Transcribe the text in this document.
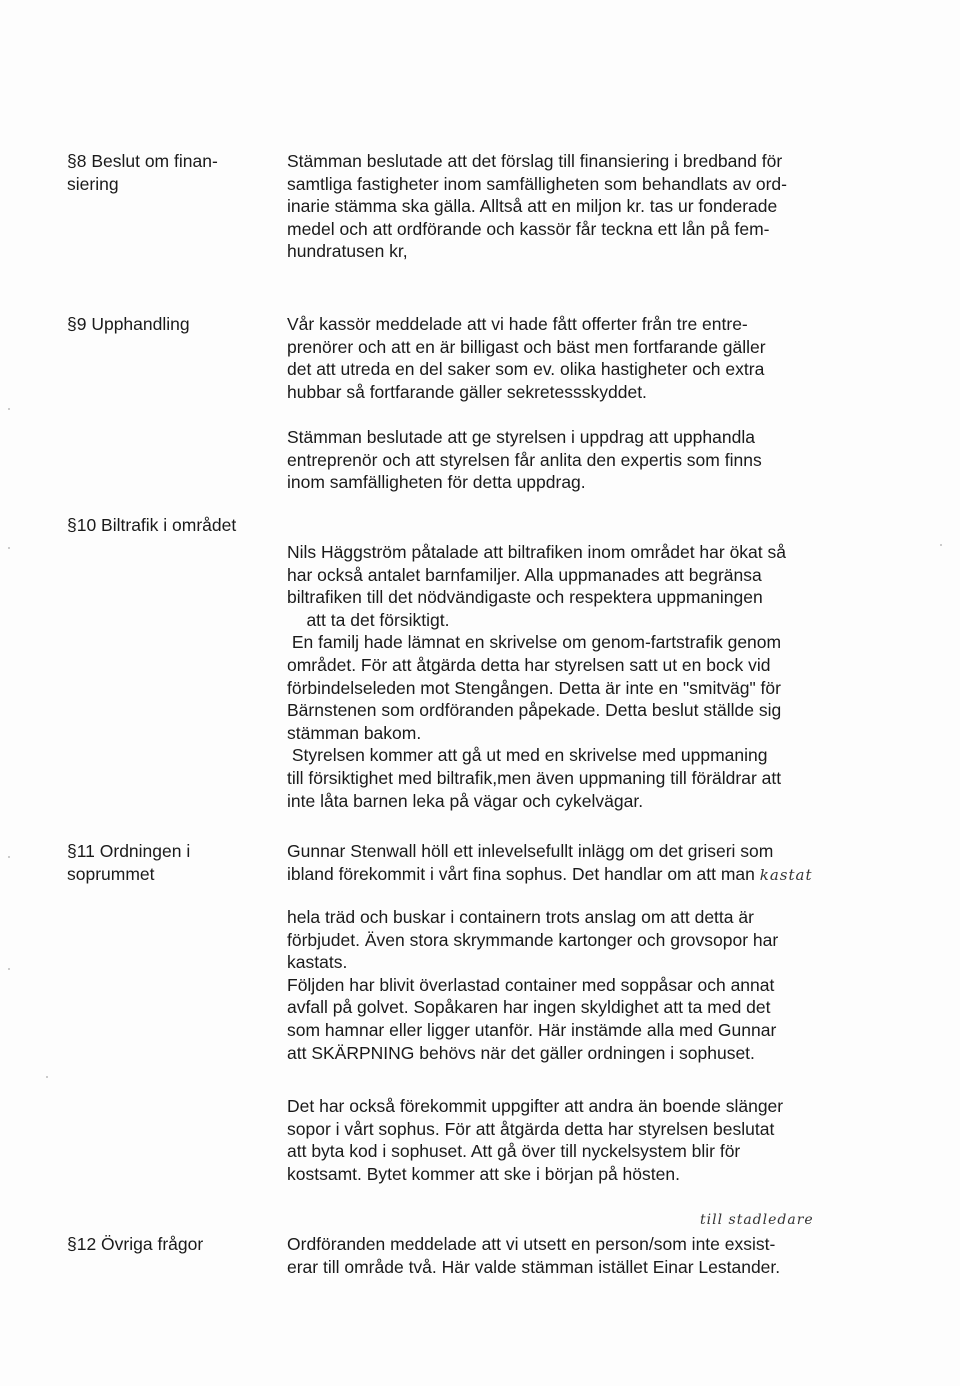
§8 Beslut om finan-
siering
Stämman beslutade att det förslag till finansiering i bredband för
samtliga fastigheter inom samfälligheten som behandlats av ord-
inarie stämma ska gälla. Alltså att en miljon kr. tas ur fonderade
medel och att ordförande och kassör får teckna ett lån på fem-
hundratusen kr,
§9 Upphandling	Vår kassör meddelade att vi hade fått offerter från tre entre-
prenörer och att en är billigast och bäst men fortfarande gäller
det att utreda en del saker som ev. olika hastigheter och extra
hubbar så fortfarande gäller sekretessskyddet.
Stämman beslutade att ge styrelsen i uppdrag att upphandla
entreprenör och att styrelsen får anlita den expertis som finns
inom samfälligheten för detta uppdrag.
§10 Biltrafik i området
Nils Häggström påtalade att biltrafiken inom området har ökat så
har också antalet barnfamiljer. Alla uppmanades att begränsa
biltrafiken till det nödvändigaste och respektera uppmaningen
att ta det försiktigt.
En familj hade lämnat en skrivelse om genom-fartstrafik genom
området. För att åtgärda detta har styrelsen satt ut en bock vid
förbindelseleden mot Stengången. Detta är inte en "smitväg" för
Bärnstenen som ordföranden påpekade. Detta beslut ställde sig
stämman bakom.
Styrelsen kommer att gå ut med en skrivelse med uppmaning
till försiktighet med biltrafik,men även uppmaning till föräldrar att
inte låta barnen leka på vägar och cykelvägar.
§11 Ordningen i
soprummet
Gunnar Stenwall höll ett inlevelsefullt inlägg om det griseri som
ibland förekommit i vårt fina sophus. Det handlar om att man kastat
hela träd och buskar i containern trots anslag om att detta är
förbjudet. Även stora skrymmande kartonger och grovsopor har
kastats.
Följden har blivit överlastad container med soppåsar och annat
avfall på golvet. Sopåkaren har ingen skyldighet att ta med det
som hamnar eller ligger utanför. Här instämde alla med Gunnar
att SKÄRPNING behövs när det gäller ordningen i sophuset.
Det har också förekommit uppgifter att andra än boende slänger
sopor i vårt sophus. För att åtgärda detta har styrelsen beslutat
att byta kod i sophuset. Att gå över till nyckelsystem blir för
kostsamt. Bytet kommer att ske i början på hösten.
till stadledare
§12 Övriga frågor	Ordföranden meddelade att vi utsett en person/som inte exsist-
erar till område två. Här valde stämman istället Einar Lestander.
